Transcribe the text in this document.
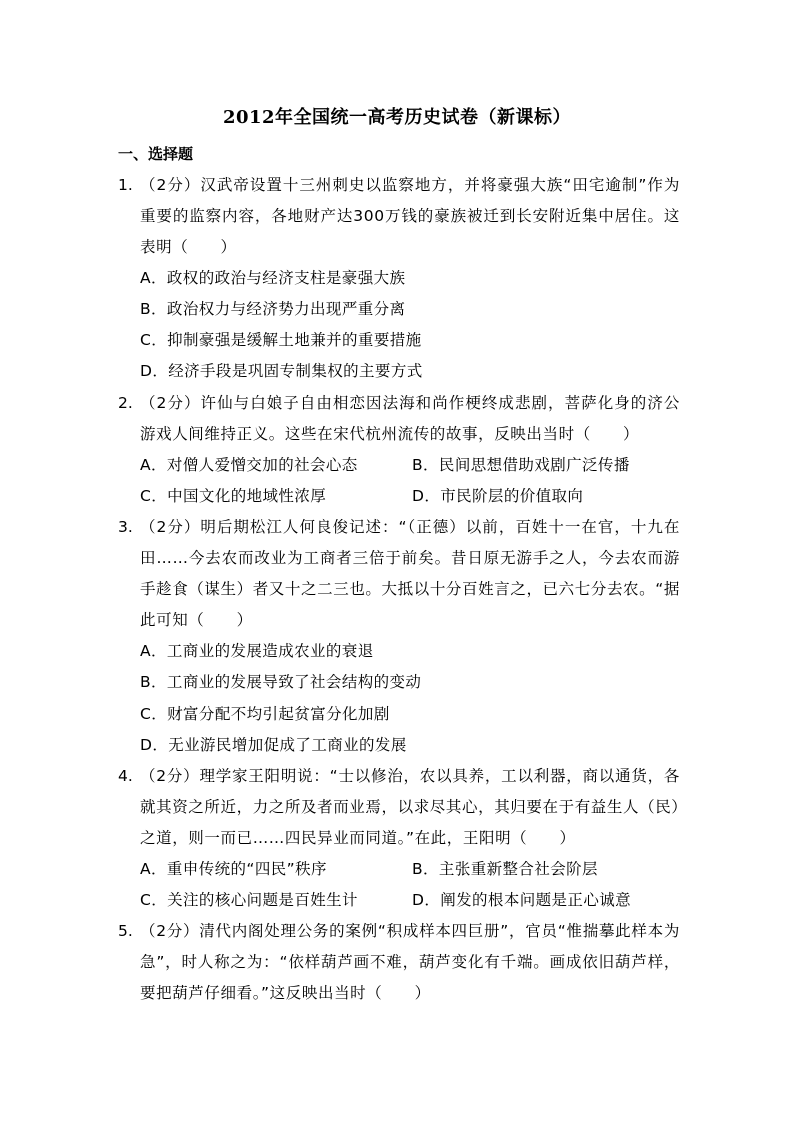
2012年全国统一高考历史试卷（新课标）
一、选择题
1. （2分）汉武帝设置十三州刺史以监察地方，并将豪强大族“田宅逾制”作为
重要的监察内容，各地财产达300万钱的豪族被迁到长安附近集中居住。这
表明（　　）
A．政权的政治与经济支柱是豪强大族
B．政治权力与经济势力出现严重分离
C．抑制豪强是缓解土地兼并的重要措施
D．经济手段是巩固专制集权的主要方式
2. （2分）许仙与白娘子自由相恋因法海和尚作梗终成悲剧，菩萨化身的济公
游戏人间维持正义。这些在宋代杭州流传的故事，反映出当时（　　）
A．对僧人爱憎交加的社会心态	B．民间思想借助戏剧广泛传播
C．中国文化的地域性浓厚	D．市民阶层的价值取向
3. （2分）明后期松江人何良俊记述：“（正德）以前，百姓十一在官，十九在
田……今去农而改业为工商者三倍于前矣。昔日原无游手之人，今去农而游
手趁食（谋生）者又十之二三也。大抵以十分百姓言之，已六七分去农。“据
此可知（　　）
A．工商业的发展造成农业的衰退
B．工商业的发展导致了社会结构的变动
C．财富分配不均引起贫富分化加剧
D．无业游民增加促成了工商业的发展
4. （2分）理学家王阳明说：“士以修治，农以具养，工以利器，商以通货，各
就其资之所近，力之所及者而业焉，以求尽其心，其归要在于有益生人（民）
之道，则一而已……四民异业而同道。”在此，王阳明（　　）
A．重申传统的“四民”秩序	B．主张重新整合社会阶层
C．关注的核心问题是百姓生计	D．阐发的根本问题是正心诚意
5. （2分）清代内阁处理公务的案例“积成样本四巨册”，官员“惟揣摹此样本为
急”，时人称之为：“依样葫芦画不难，葫芦变化有千端。画成依旧葫芦样，
要把葫芦仔细看。”这反映出当时（　　）
